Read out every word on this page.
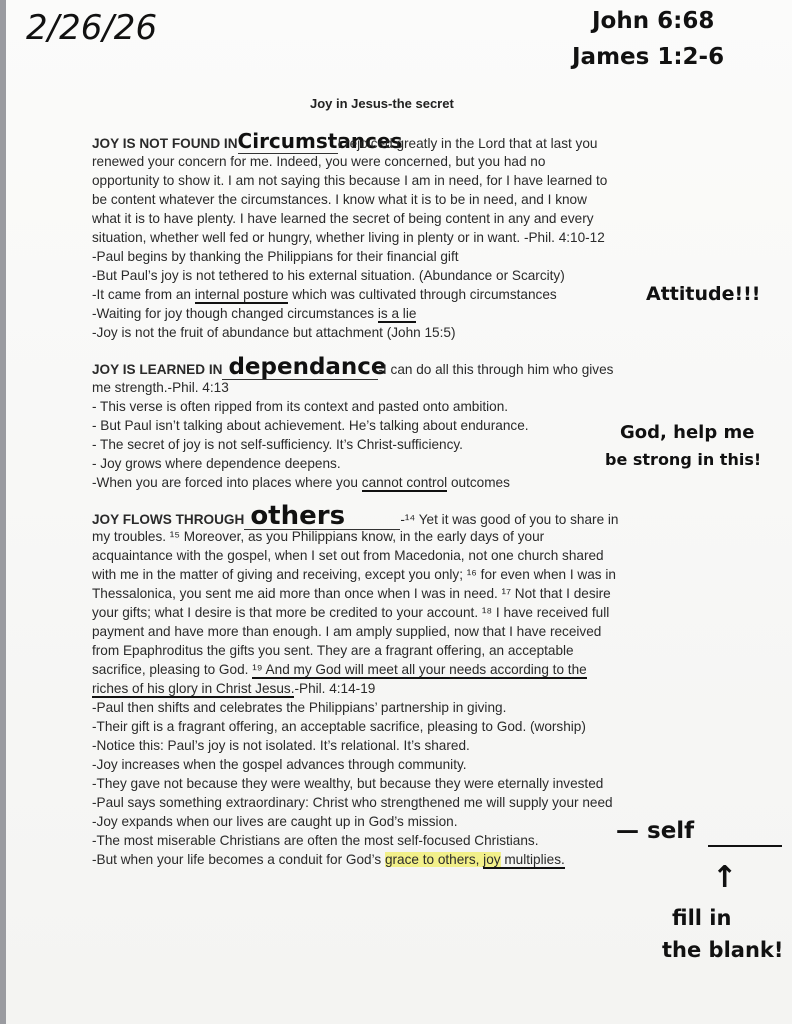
2/26/26	John 6:68
James 1:2-6
Attitude!!!
God, help me
be strong in this!
— self
↑
fill in
the blank!
Joy in Jesus-the secret
JOY IS NOT FOUND INCircumstancesI rejoiced greatly in the Lord that at last you
renewed your concern for me. Indeed, you were concerned, but you had no
opportunity to show it. I am not saying this because I am in need, for I have learned to
be content whatever the circumstances. I know what it is to be in need, and I know
what it is to have plenty. I have learned the secret of being content in any and every
situation, whether well fed or hungry, whether living in plenty or in want. -Phil. 4:10-12
-Paul begins by thanking the Philippians for their financial gift
-But Paul’s joy is not tethered to his external situation. (Abundance or Scarcity)
-It came from an internal posture which was cultivated through circumstances
-Waiting for joy though changed circumstances is a lie
-Joy is not the fruit of abundance but attachment (John 15:5)
JOY IS LEARNED IN dependance-I can do all this through him who gives
me strength.-Phil. 4:13
- This verse is often ripped from its context and pasted onto ambition.
- But Paul isn’t talking about achievement. He’s talking about endurance.
- The secret of joy is not self-sufficiency. It’s Christ-sufficiency.
- Joy grows where dependence deepens.
-When you are forced into places where you cannot control outcomes
JOY FLOWS THROUGH others	-¹⁴ Yet it was good of you to share in
my troubles. ¹⁵ Moreover, as you Philippians know, in the early days of your
acquaintance with the gospel, when I set out from Macedonia, not one church shared
with me in the matter of giving and receiving, except you only; ¹⁶ for even when I was in
Thessalonica, you sent me aid more than once when I was in need. ¹⁷ Not that I desire
your gifts; what I desire is that more be credited to your account. ¹⁸ I have received full
payment and have more than enough. I am amply supplied, now that I have received
from Epaphroditus the gifts you sent. They are a fragrant offering, an acceptable
sacrifice, pleasing to God. ¹⁹ And my God will meet all your needs according to the
riches of his glory in Christ Jesus.-Phil. 4:14-19
-Paul then shifts and celebrates the Philippians’ partnership in giving.
-Their gift is a fragrant offering, an acceptable sacrifice, pleasing to God. (worship)
-Notice this: Paul’s joy is not isolated. It’s relational. It’s shared.
-Joy increases when the gospel advances through community.
-They gave not because they were wealthy, but because they were eternally invested
-Paul says something extraordinary: Christ who strengthened me will supply your need
-Joy expands when our lives are caught up in God’s mission.
-The most miserable Christians are often the most self-focused Christians.
-But when your life becomes a conduit for God’s grace to others, joy multiplies.
